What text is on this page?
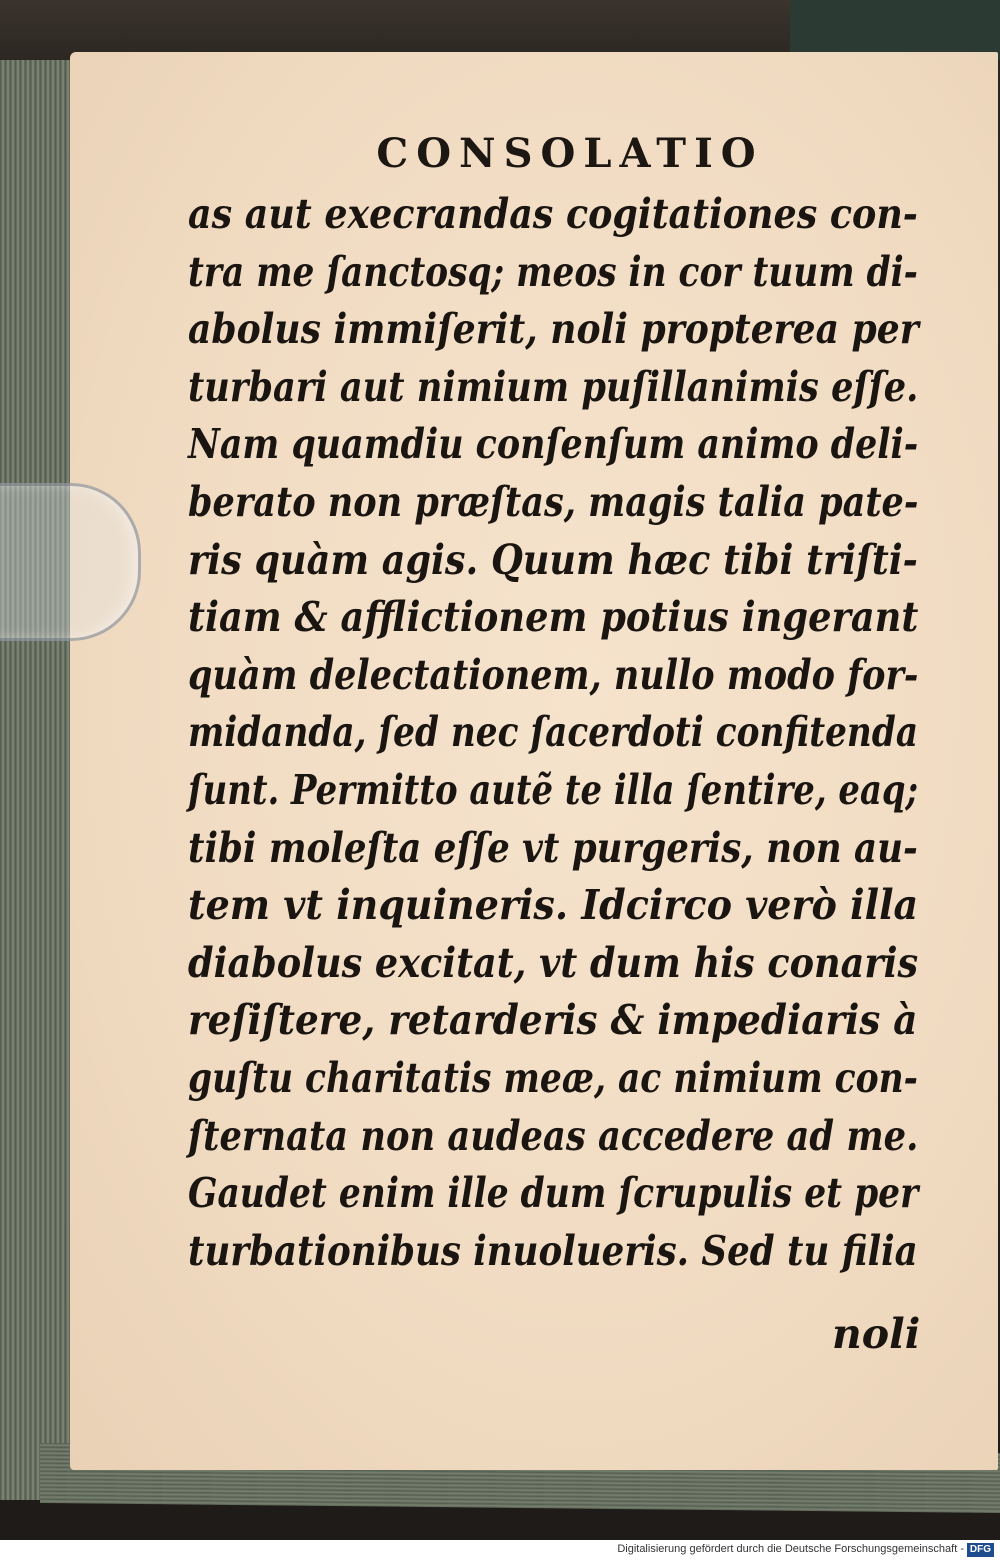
CONSOLATIO
as aut execrandas cogitationes con-
tra me ſanctosq; meos in cor tuum di-
abolus immiſerit, noli propterea per
turbari aut nimium puſillanimis eſſe.
Nam quamdiu conſenſum animo deli-
berato non præſtas, magis talia pate-
ris quàm agis. Quum hæc tibi triſti-
tiam & afflictionem potius ingerant
quàm delectationem, nullo modo for-
midanda, ſed nec ſacerdoti confitenda
ſunt. Permitto autẽ te illa ſentire, eaq;
tibi moleſta eſſe vt purgeris, non au-
tem vt inquineris. Idcirco verò illa
diabolus excitat, vt dum his conaris
reſiſtere, retarderis & impediaris à
guſtu charitatis meæ, ac nimium con-
ſternata non audeas accedere ad me.
Gaudet enim ille dum ſcrupulis et per
turbationibus inuolueris. Sed tu filia
noli
Digitalisierung gefördert durch die Deutsche Forschungsgemeinschaft - DFG
